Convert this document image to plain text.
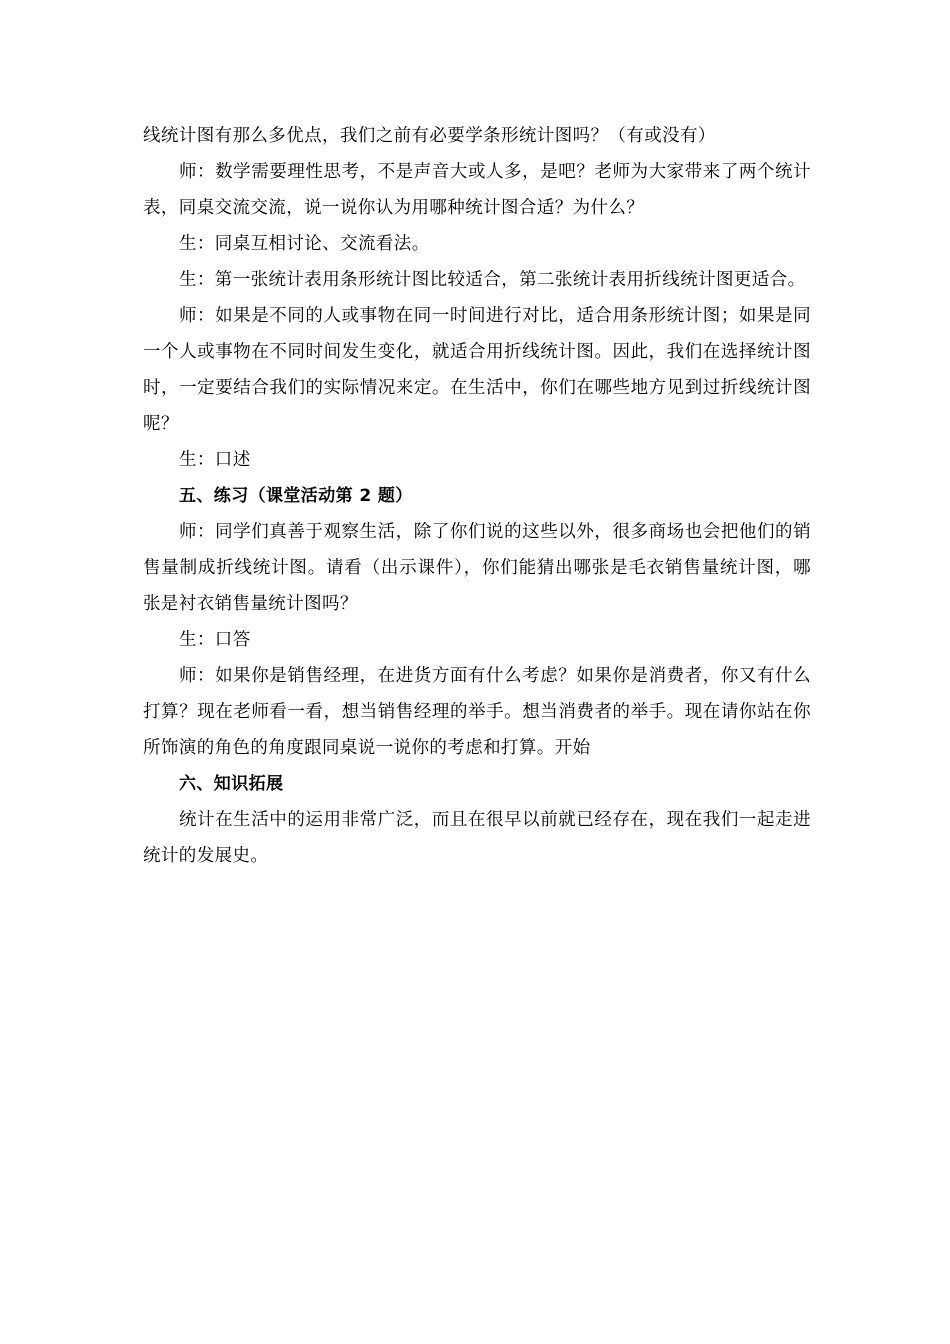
线统计图有那么多优点，我们之前有必要学条形统计图吗？（有或没有）

师：数学需要理性思考，不是声音大或人多，是吧？老师为大家带来了两个统计表，同桌交流交流，说一说你认为用哪种统计图合适？为什么？

生：同桌互相讨论、交流看法。

生：第一张统计表用条形统计图比较适合，第二张统计表用折线统计图更适合。

师：如果是不同的人或事物在同一时间进行对比，适合用条形统计图；如果是同一个人或事物在不同时间发生变化，就适合用折线统计图。因此，我们在选择统计图时，一定要结合我们的实际情况来定。在生活中，你们在哪些地方见到过折线统计图呢？

生：口述

五、练习（课堂活动第 2 题）

师：同学们真善于观察生活，除了你们说的这些以外，很多商场也会把他们的销售量制成折线统计图。请看（出示课件），你们能猜出哪张是毛衣销售量统计图，哪张是衬衣销售量统计图吗？

生：口答

师：如果你是销售经理，在进货方面有什么考虑？如果你是消费者，你又有什么打算？现在老师看一看，想当销售经理的举手。想当消费者的举手。现在请你站在你所饰演的角色的角度跟同桌说一说你的考虑和打算。开始

六、知识拓展

统计在生活中的运用非常广泛，而且在很早以前就已经存在，现在我们一起走进统计的发展史。
